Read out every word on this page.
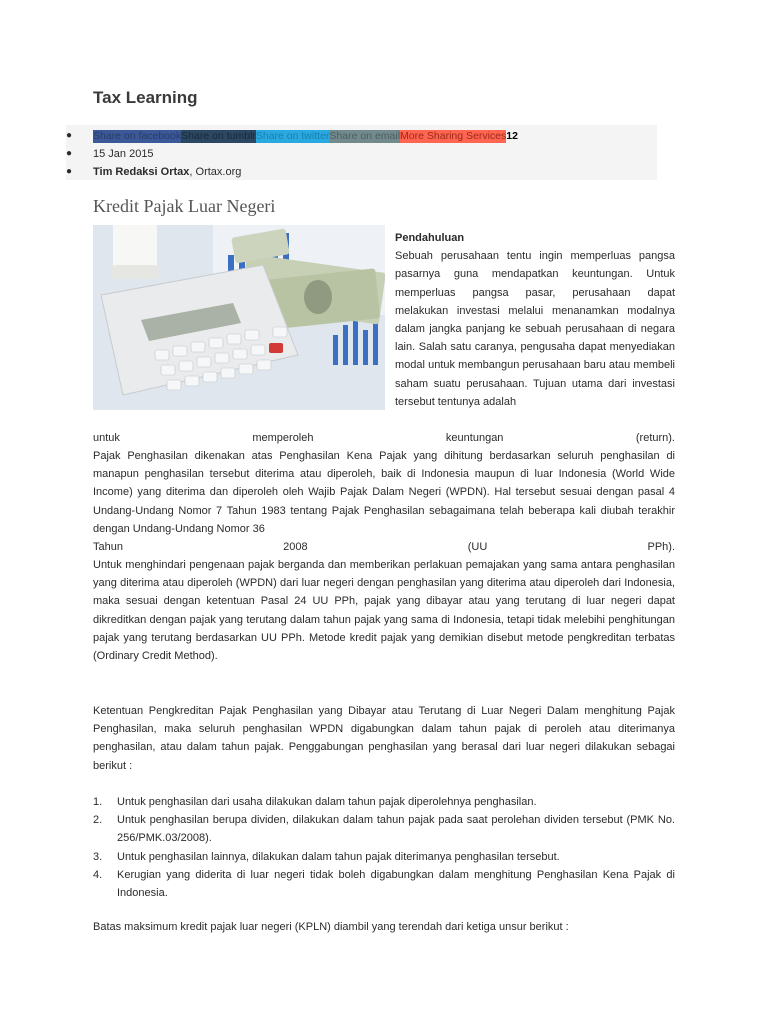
Tax Learning
● Share on facebookShare on tumblrShare on twitterShare on emailMore Sharing Services12
● 15 Jan 2015
● Tim Redaksi Ortax, Ortax.org
Kredit Pajak Luar Negeri

Pendahuluan
Sebuah perusahaan tentu ingin memperluas pangsa pasarnya guna mendapatkan keuntungan. Untuk memperluas pangsa pasar, perusahaan dapat melakukan investasi melalui menanamkan modalnya dalam jangka panjang ke sebuah perusahaan di negara lain. Salah satu caranya, pengusaha dapat menyediakan modal untuk membangun perusahaan baru atau membeli saham suatu perusahaan. Tujuan utama dari investasi tersebut tentunya adalah

untuk memperoleh keuntungan (return).

Pajak Penghasilan dikenakan atas Penghasilan Kena Pajak yang dihitung berdasarkan seluruh penghasilan di manapun penghasilan tersebut diterima atau diperoleh, baik di Indonesia maupun di luar Indonesia (World Wide Income) yang diterima dan diperoleh oleh Wajib Pajak Dalam Negeri (WPDN). Hal tersebut sesuai dengan pasal 4 Undang-Undang Nomor 7 Tahun 1983 tentang Pajak Penghasilan sebagaimana telah beberapa kali diubah terakhir dengan Undang-Undang Nomor 36
Tahun 2008 (UU PPh).

Untuk menghindari pengenaan pajak berganda dan memberikan perlakuan pemajakan yang sama antara penghasilan yang diterima atau diperoleh (WPDN) dari luar negeri dengan penghasilan yang diterima atau diperoleh dari Indonesia, maka sesuai dengan ketentuan Pasal 24 UU PPh, pajak yang dibayar atau yang terutang di luar negeri dapat dikreditkan dengan pajak yang terutang dalam tahun pajak yang sama di Indonesia, tetapi tidak melebihi penghitungan pajak yang terutang berdasarkan UU PPh. Metode kredit pajak yang demikian disebut metode pengkreditan terbatas (Ordinary Credit Method).

Ketentuan Pengkreditan Pajak Penghasilan yang Dibayar atau Terutang di Luar Negeri Dalam menghitung Pajak Penghasilan, maka seluruh penghasilan WPDN digabungkan dalam tahun pajak di peroleh atau diterimanya penghasilan, atau dalam tahun pajak. Penggabungan penghasilan yang berasal dari luar negeri dilakukan sebagai berikut :

1. Untuk penghasilan dari usaha dilakukan dalam tahun pajak diperolehnya penghasilan.
2. Untuk penghasilan berupa dividen, dilakukan dalam tahun pajak pada saat perolehan dividen tersebut (PMK No. 256/PMK.03/2008).
3. Untuk penghasilan lainnya, dilakukan dalam tahun pajak diterimanya penghasilan tersebut.
4. Kerugian yang diderita di luar negeri tidak boleh digabungkan dalam menghitung Penghasilan Kena Pajak di Indonesia.

Batas maksimum kredit pajak luar negeri (KPLN) diambil yang terendah dari ketiga unsur berikut :
